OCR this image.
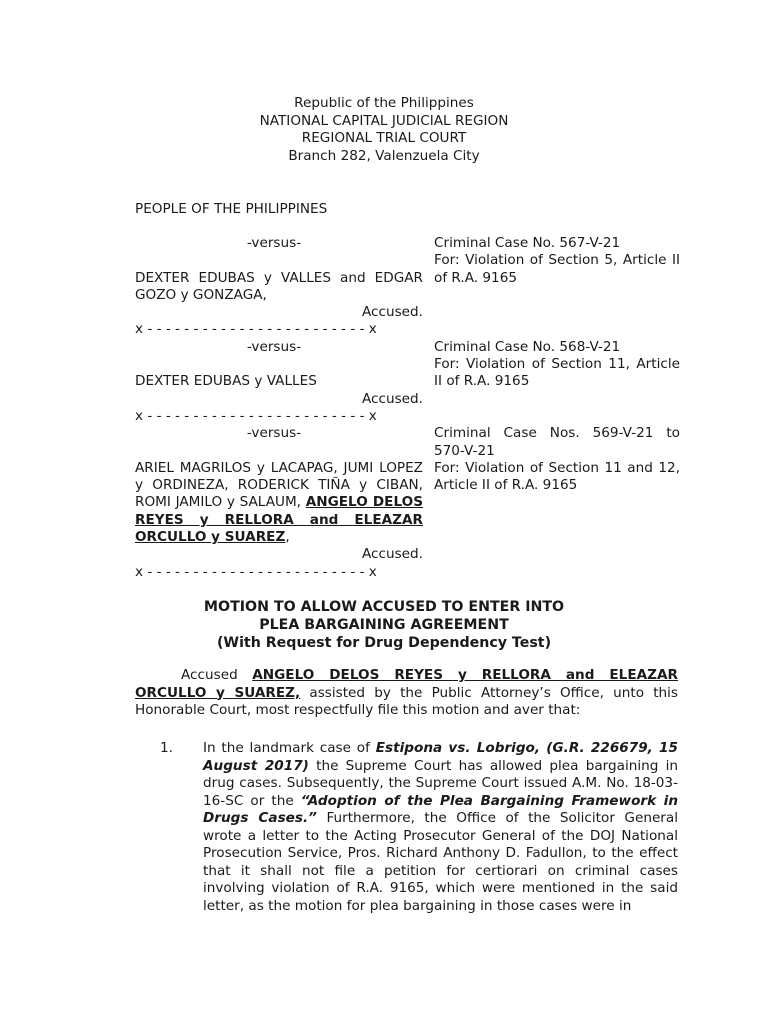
Republic of the Philippines
NATIONAL CAPITAL JUDICIAL REGION
REGIONAL TRIAL COURT
Branch 282, Valenzuela City
PEOPLE OF THE PHILIPPINES
-versus-
DEXTER EDUBAS y VALLES and EDGAR GOZO y GONZAGA,
Accused.
x - - - - - - - - - - - - - - - - - - - - - - - - x
Criminal Case No. 567-V-21
For: Violation of Section 5, Article II of R.A. 9165
-versus-
DEXTER EDUBAS y VALLES
Accused.
x - - - - - - - - - - - - - - - - - - - - - - - - x
Criminal Case No. 568-V-21
For: Violation of Section 11, Article II of R.A. 9165
-versus-
ARIEL MAGRILOS y LACAPAG, JUMI LOPEZ y ORDINEZA, RODERICK TIÑA y CIBAN, ROMI JAMILO y SALAUM, ANGELO DELOS REYES y RELLORA and ELEAZAR ORCULLO y SUAREZ,
Accused.
x - - - - - - - - - - - - - - - - - - - - - - - - x
Criminal Case Nos. 569-V-21 to 570-V-21
For: Violation of Section 11 and 12, Article II of R.A. 9165
MOTION TO ALLOW ACCUSED TO ENTER INTO
PLEA BARGAINING AGREEMENT
(With Request for Drug Dependency Test)
Accused ANGELO DELOS REYES y RELLORA and ELEAZAR ORCULLO y SUAREZ, assisted by the Public Attorney’s Office, unto this Honorable Court, most respectfully file this motion and aver that:
1. In the landmark case of Estipona vs. Lobrigo, (G.R. 226679, 15 August 2017) the Supreme Court has allowed plea bargaining in drug cases. Subsequently, the Supreme Court issued A.M. No. 18-03-16-SC or the “Adoption of the Plea Bargaining Framework in Drugs Cases.” Furthermore, the Office of the Solicitor General wrote a letter to the Acting Prosecutor General of the DOJ National Prosecution Service, Pros. Richard Anthony D. Fadullon, to the effect that it shall not file a petition for certiorari on criminal cases involving violation of R.A. 9165, which were mentioned in the said letter, as the motion for plea bargaining in those cases were in
